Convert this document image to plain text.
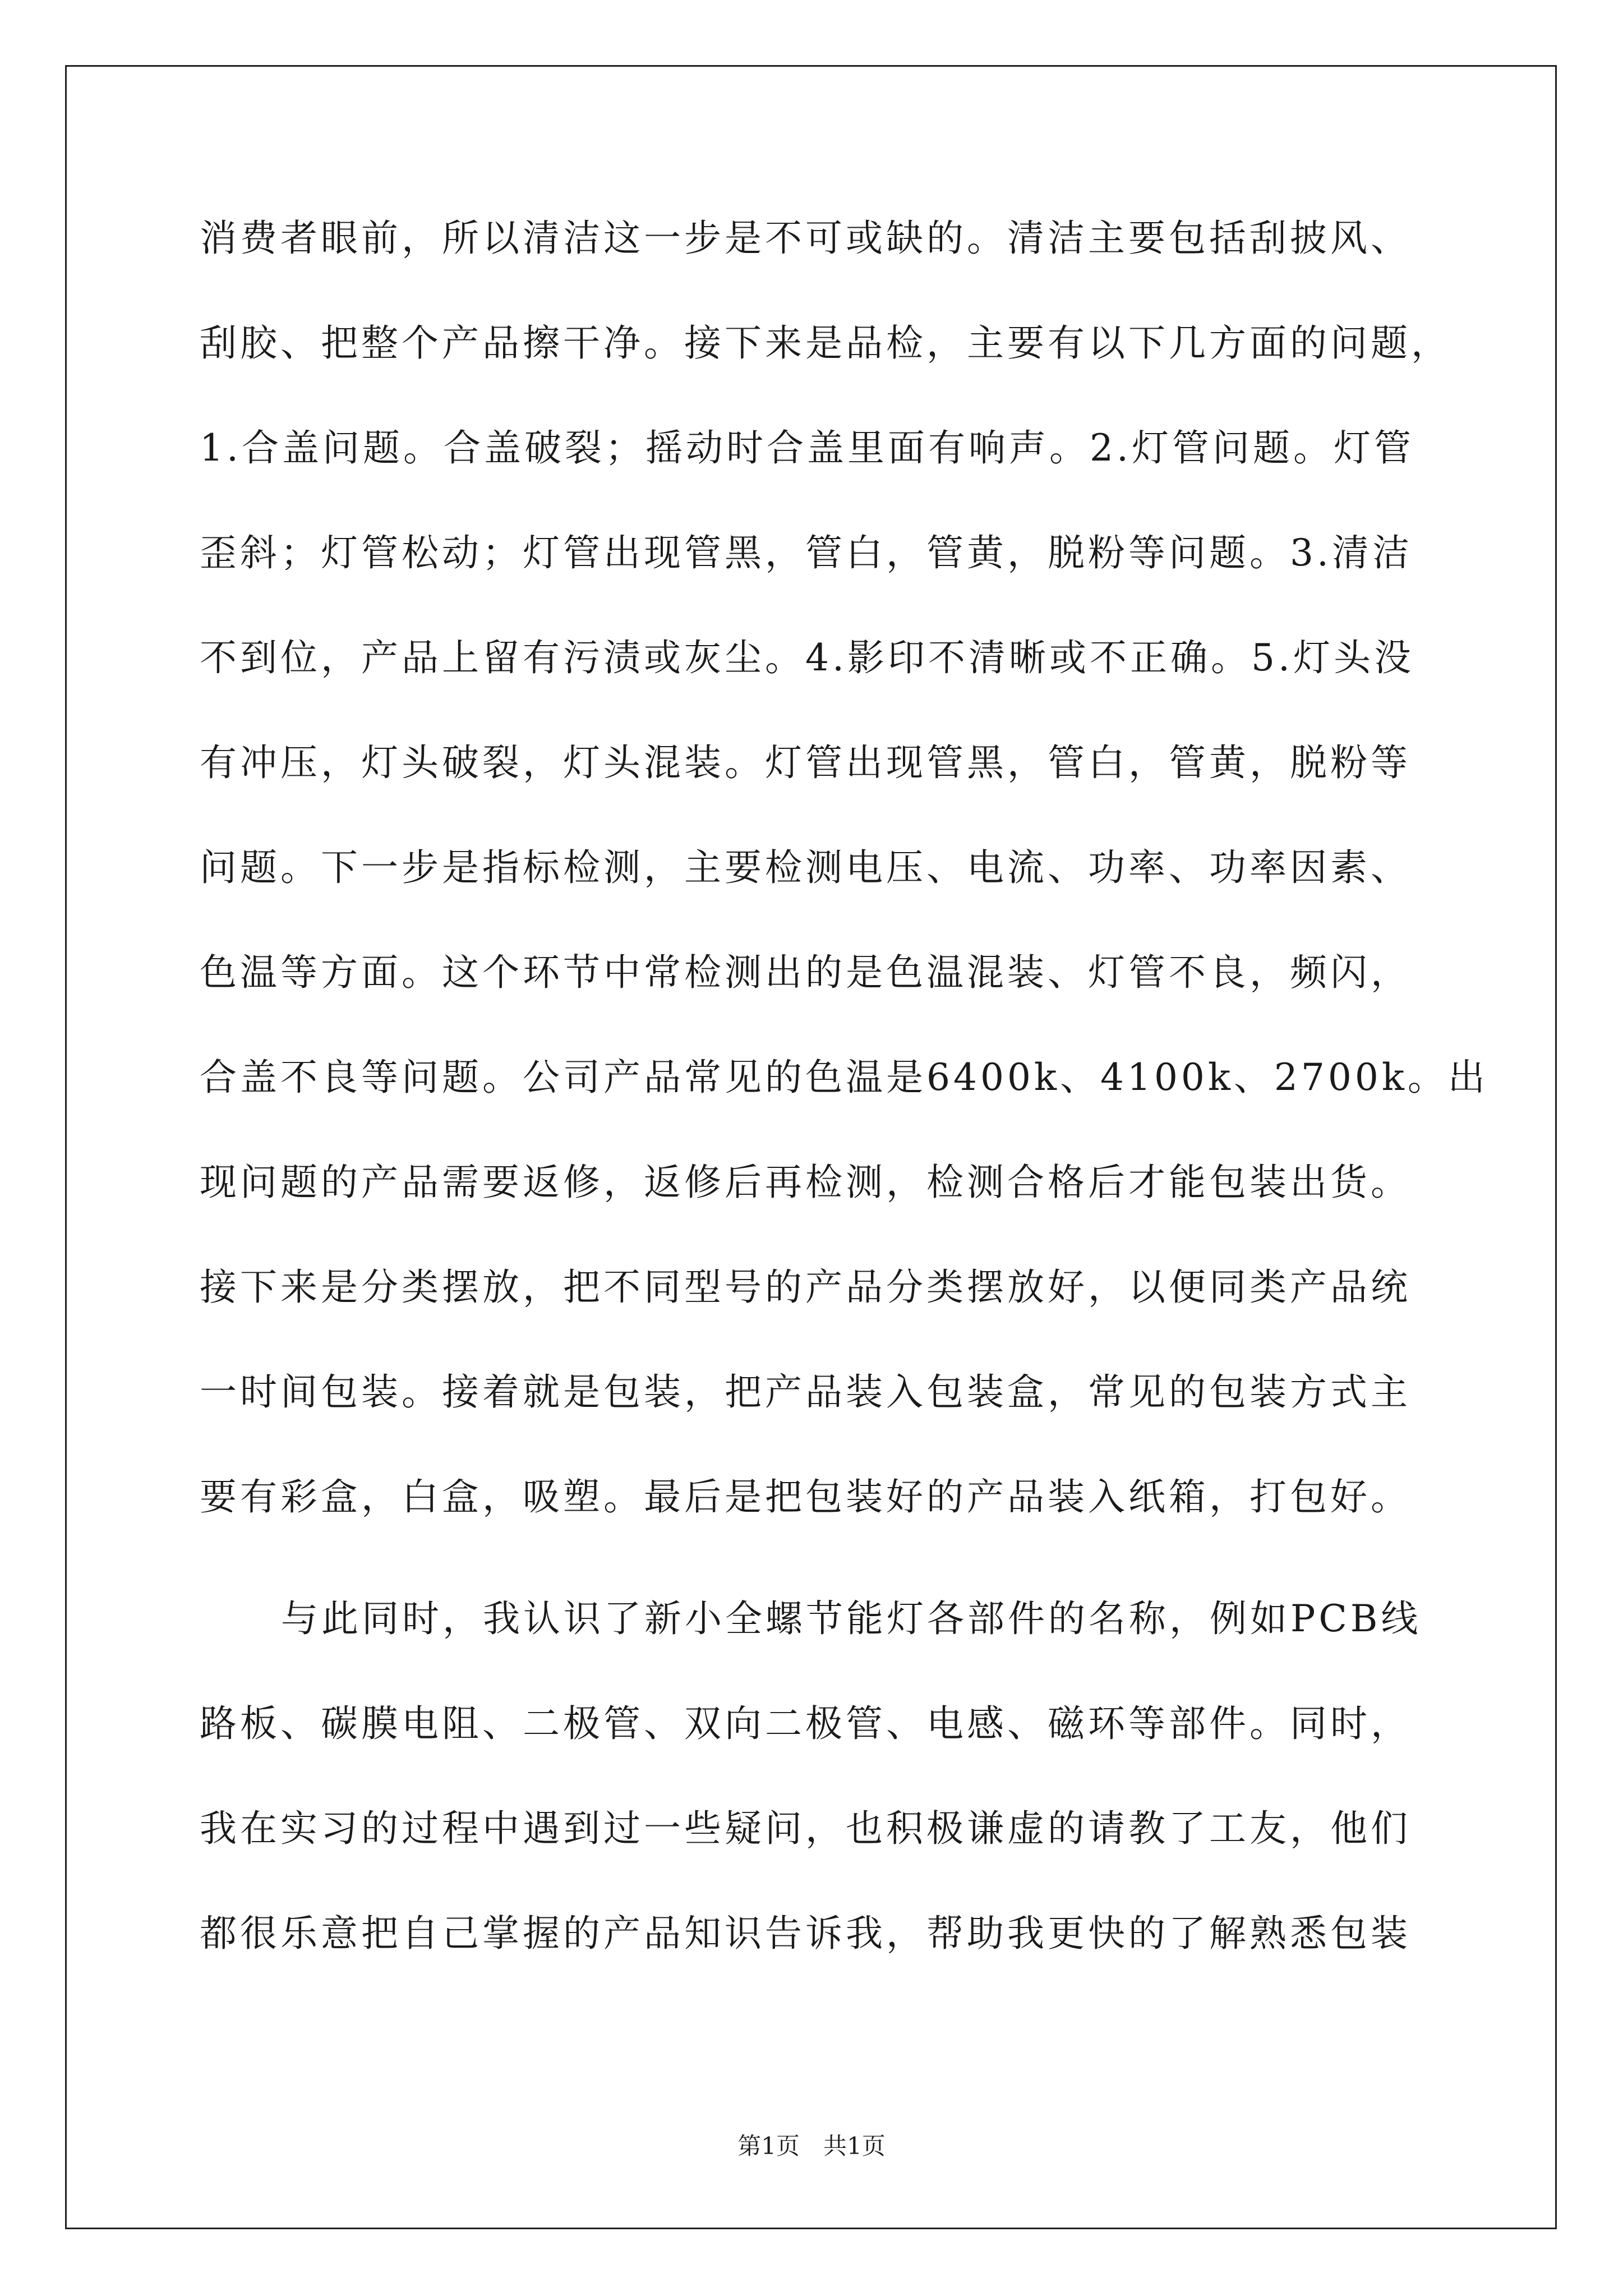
消费者眼前，所以清洁这一步是不可或缺的。清洁主要包括刮披风、
刮胶、把整个产品擦干净。接下来是品检，主要有以下几方面的问题，
1.合盖问题。合盖破裂；摇动时合盖里面有响声。2.灯管问题。灯管
歪斜；灯管松动；灯管出现管黑，管白，管黄，脱粉等问题。3.清洁
不到位，产品上留有污渍或灰尘。4.影印不清晰或不正确。5.灯头没
有冲压，灯头破裂，灯头混装。灯管出现管黑，管白，管黄，脱粉等
问题。下一步是指标检测，主要检测电压、电流、功率、功率因素、
色温等方面。这个环节中常检测出的是色温混装、灯管不良，频闪，
合盖不良等问题。公司产品常见的色温是6400k、4100k、2700k。出
现问题的产品需要返修，返修后再检测，检测合格后才能包装出货。
接下来是分类摆放，把不同型号的产品分类摆放好，以便同类产品统
一时间包装。接着就是包装，把产品装入包装盒，常见的包装方式主
要有彩盒，白盒，吸塑。最后是把包装好的产品装入纸箱，打包好。
与此同时，我认识了新小全螺节能灯各部件的名称，例如PCB线
路板、碳膜电阻、二极管、双向二极管、电感、磁环等部件。同时，
我在实习的过程中遇到过一些疑问，也积极谦虚的请教了工友，他们
都很乐意把自己掌握的产品知识告诉我，帮助我更快的了解熟悉包装
第1页　共1页
